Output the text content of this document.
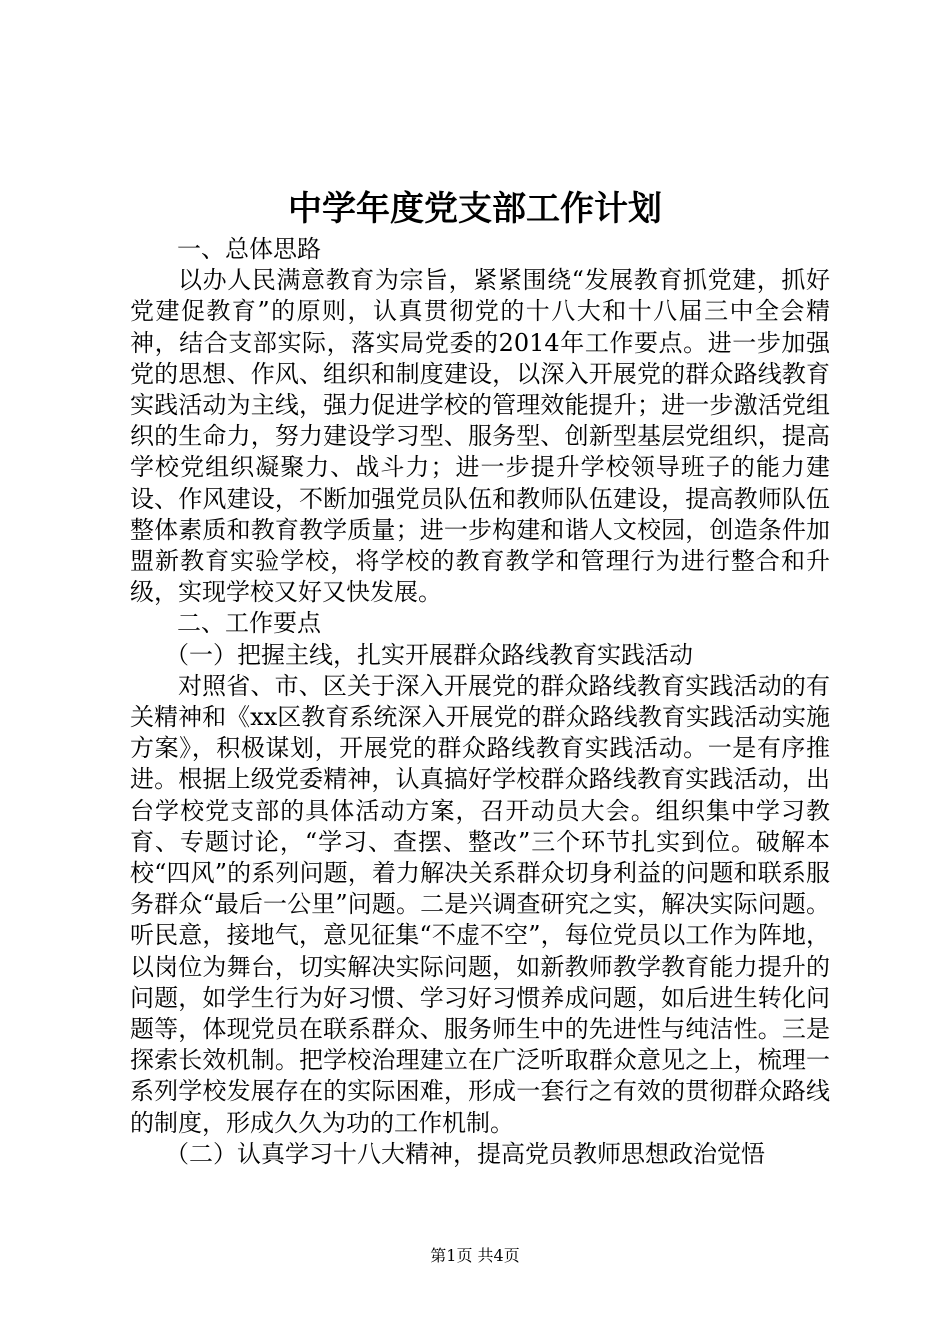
中学年度党支部工作计划

一、总体思路

以办人民满意教育为宗旨，紧紧围绕“发展教育抓党建，抓好党建促教育”的原则，认真贯彻党的十八大和十八届三中全会精神，结合支部实际，落实局党委的2014年工作要点。进一步加强党的思想、作风、组织和制度建设，以深入开展党的群众路线教育实践活动为主线，强力促进学校的管理效能提升；进一步激活党组织的生命力，努力建设学习型、服务型、创新型基层党组织，提高学校党组织凝聚力、战斗力；进一步提升学校领导班子的能力建设、作风建设，不断加强党员队伍和教师队伍建设，提高教师队伍整体素质和教育教学质量；进一步构建和谐人文校园，创造条件加盟新教育实验学校，将学校的教育教学和管理行为进行整合和升级，实现学校又好又快发展。

二、工作要点

（一）把握主线，扎实开展群众路线教育实践活动

对照省、市、区关于深入开展党的群众路线教育实践活动的有关精神和《xx区教育系统深入开展党的群众路线教育实践活动实施方案》，积极谋划，开展党的群众路线教育实践活动。一是有序推进。根据上级党委精神，认真搞好学校群众路线教育实践活动，出台学校党支部的具体活动方案，召开动员大会。组织集中学习教育、专题讨论，“学习、查摆、整改”三个环节扎实到位。破解本校“四风”的系列问题，着力解决关系群众切身利益的问题和联系服务群众“最后一公里”问题。二是兴调查研究之实，解决实际问题。听民意，接地气，意见征集“不虚不空”，每位党员以工作为阵地，以岗位为舞台，切实解决实际问题，如新教师教学教育能力提升的问题，如学生行为好习惯、学习好习惯养成问题，如后进生转化问题等，体现党员在联系群众、服务师生中的先进性与纯洁性。三是探索长效机制。把学校治理建立在广泛听取群众意见之上，梳理一系列学校发展存在的实际困难，形成一套行之有效的贯彻群众路线的制度，形成久久为功的工作机制。

（二）认真学习十八大精神，提高党员教师思想政治觉悟

第1页 共4页
